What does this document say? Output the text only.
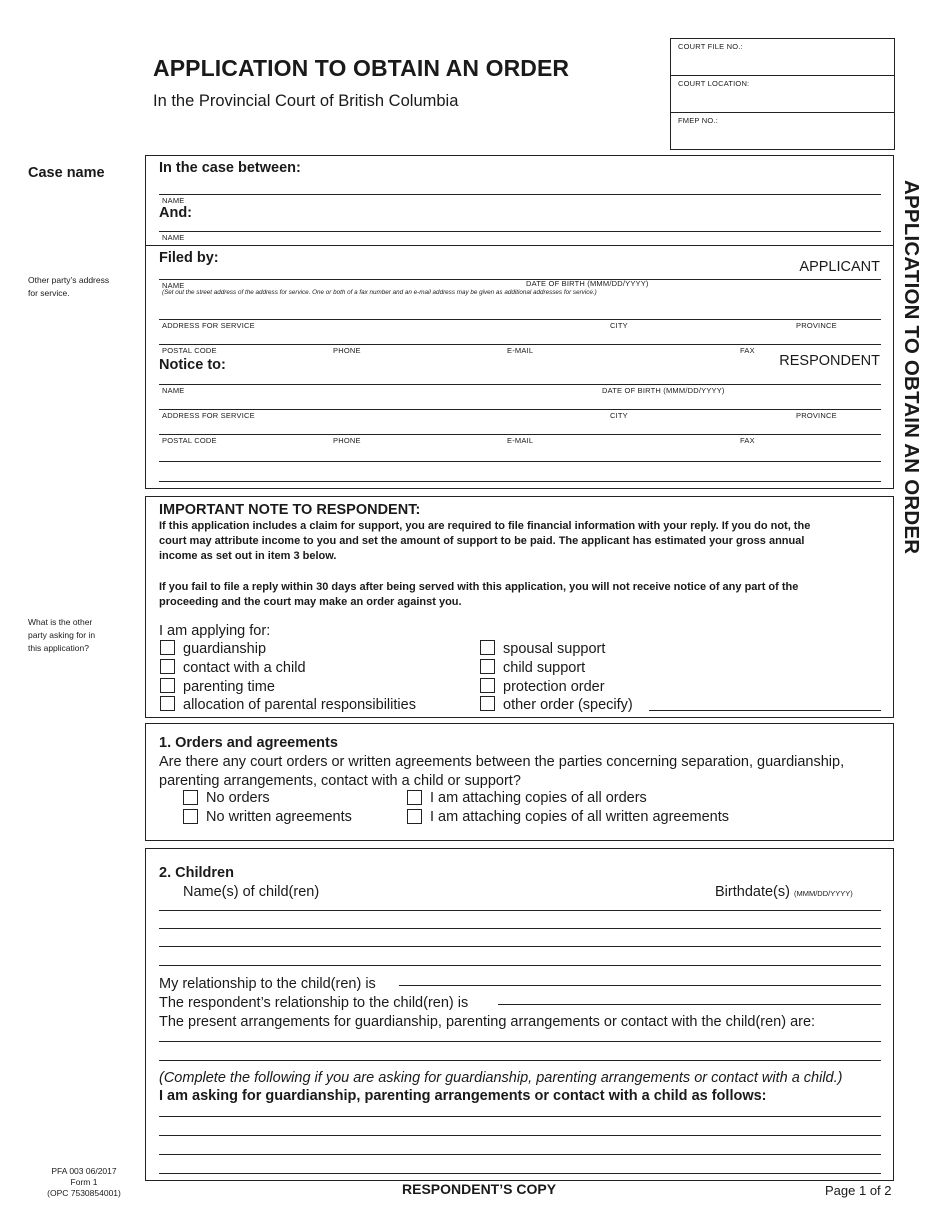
APPLICATION TO OBTAIN AN ORDER
In the Provincial Court of British Columbia
COURT FILE NO.:
COURT LOCATION:
FMEP NO.:
APPLICATION TO OBTAIN AN ORDER
Case name
Other party’s address
for service.
What is the other
party asking for in
this application?
In the case between:
NAME
And:
NAME
Filed by:
APPLICANT
NAME	DATE OF BIRTH (MMM/DD/YYYY)
(Set out the street address of the address for service. One or both of a fax number and an e-mail address may be given as additional addresses for service.)
ADDRESS FOR SERVICE	CITY	PROVINCE
POSTAL CODE	PHONE	E-MAIL	FAX
Notice to:	RESPONDENT
NAME	DATE OF BIRTH (MMM/DD/YYYY)
ADDRESS FOR SERVICE	CITY	PROVINCE
POSTAL CODE	PHONE	E-MAIL	FAX
IMPORTANT NOTE TO RESPONDENT:
If this application includes a claim for support, you are required to file financial information with your reply. If you do not, the
court may attribute income to you and set the amount of support to be paid. The applicant has estimated your gross annual
income as set out in item 3 below.
If you fail to file a reply within 30 days after being served with this application, you will not receive notice of any part of the
proceeding and the court may make an order against you.
I am applying for:
guardianship
contact with a child
parenting time
allocation of parental responsibilities
spousal support
child support
protection order
other order (specify)
1. Orders and agreements
Are there any court orders or written agreements between the parties concerning separation, guardianship,
parenting arrangements, contact with a child or support?
No orders
No written agreements
I am attaching copies of all orders
I am attaching copies of all written agreements
2. Children
Name(s) of child(ren)	Birthdate(s) (MMM/DD/YYYY)
My relationship to the child(ren) is
The respondent’s relationship to the child(ren) is
The present arrangements for guardianship, parenting arrangements or contact with the child(ren) are:
(Complete the following if you are asking for guardianship, parenting arrangements or contact with a child.)
I am asking for guardianship, parenting arrangements or contact with a child as follows:
PFA 003 06/2017
Form 1
(OPC 7530854001)	RESPONDENT’S COPY	Page 1 of 2
